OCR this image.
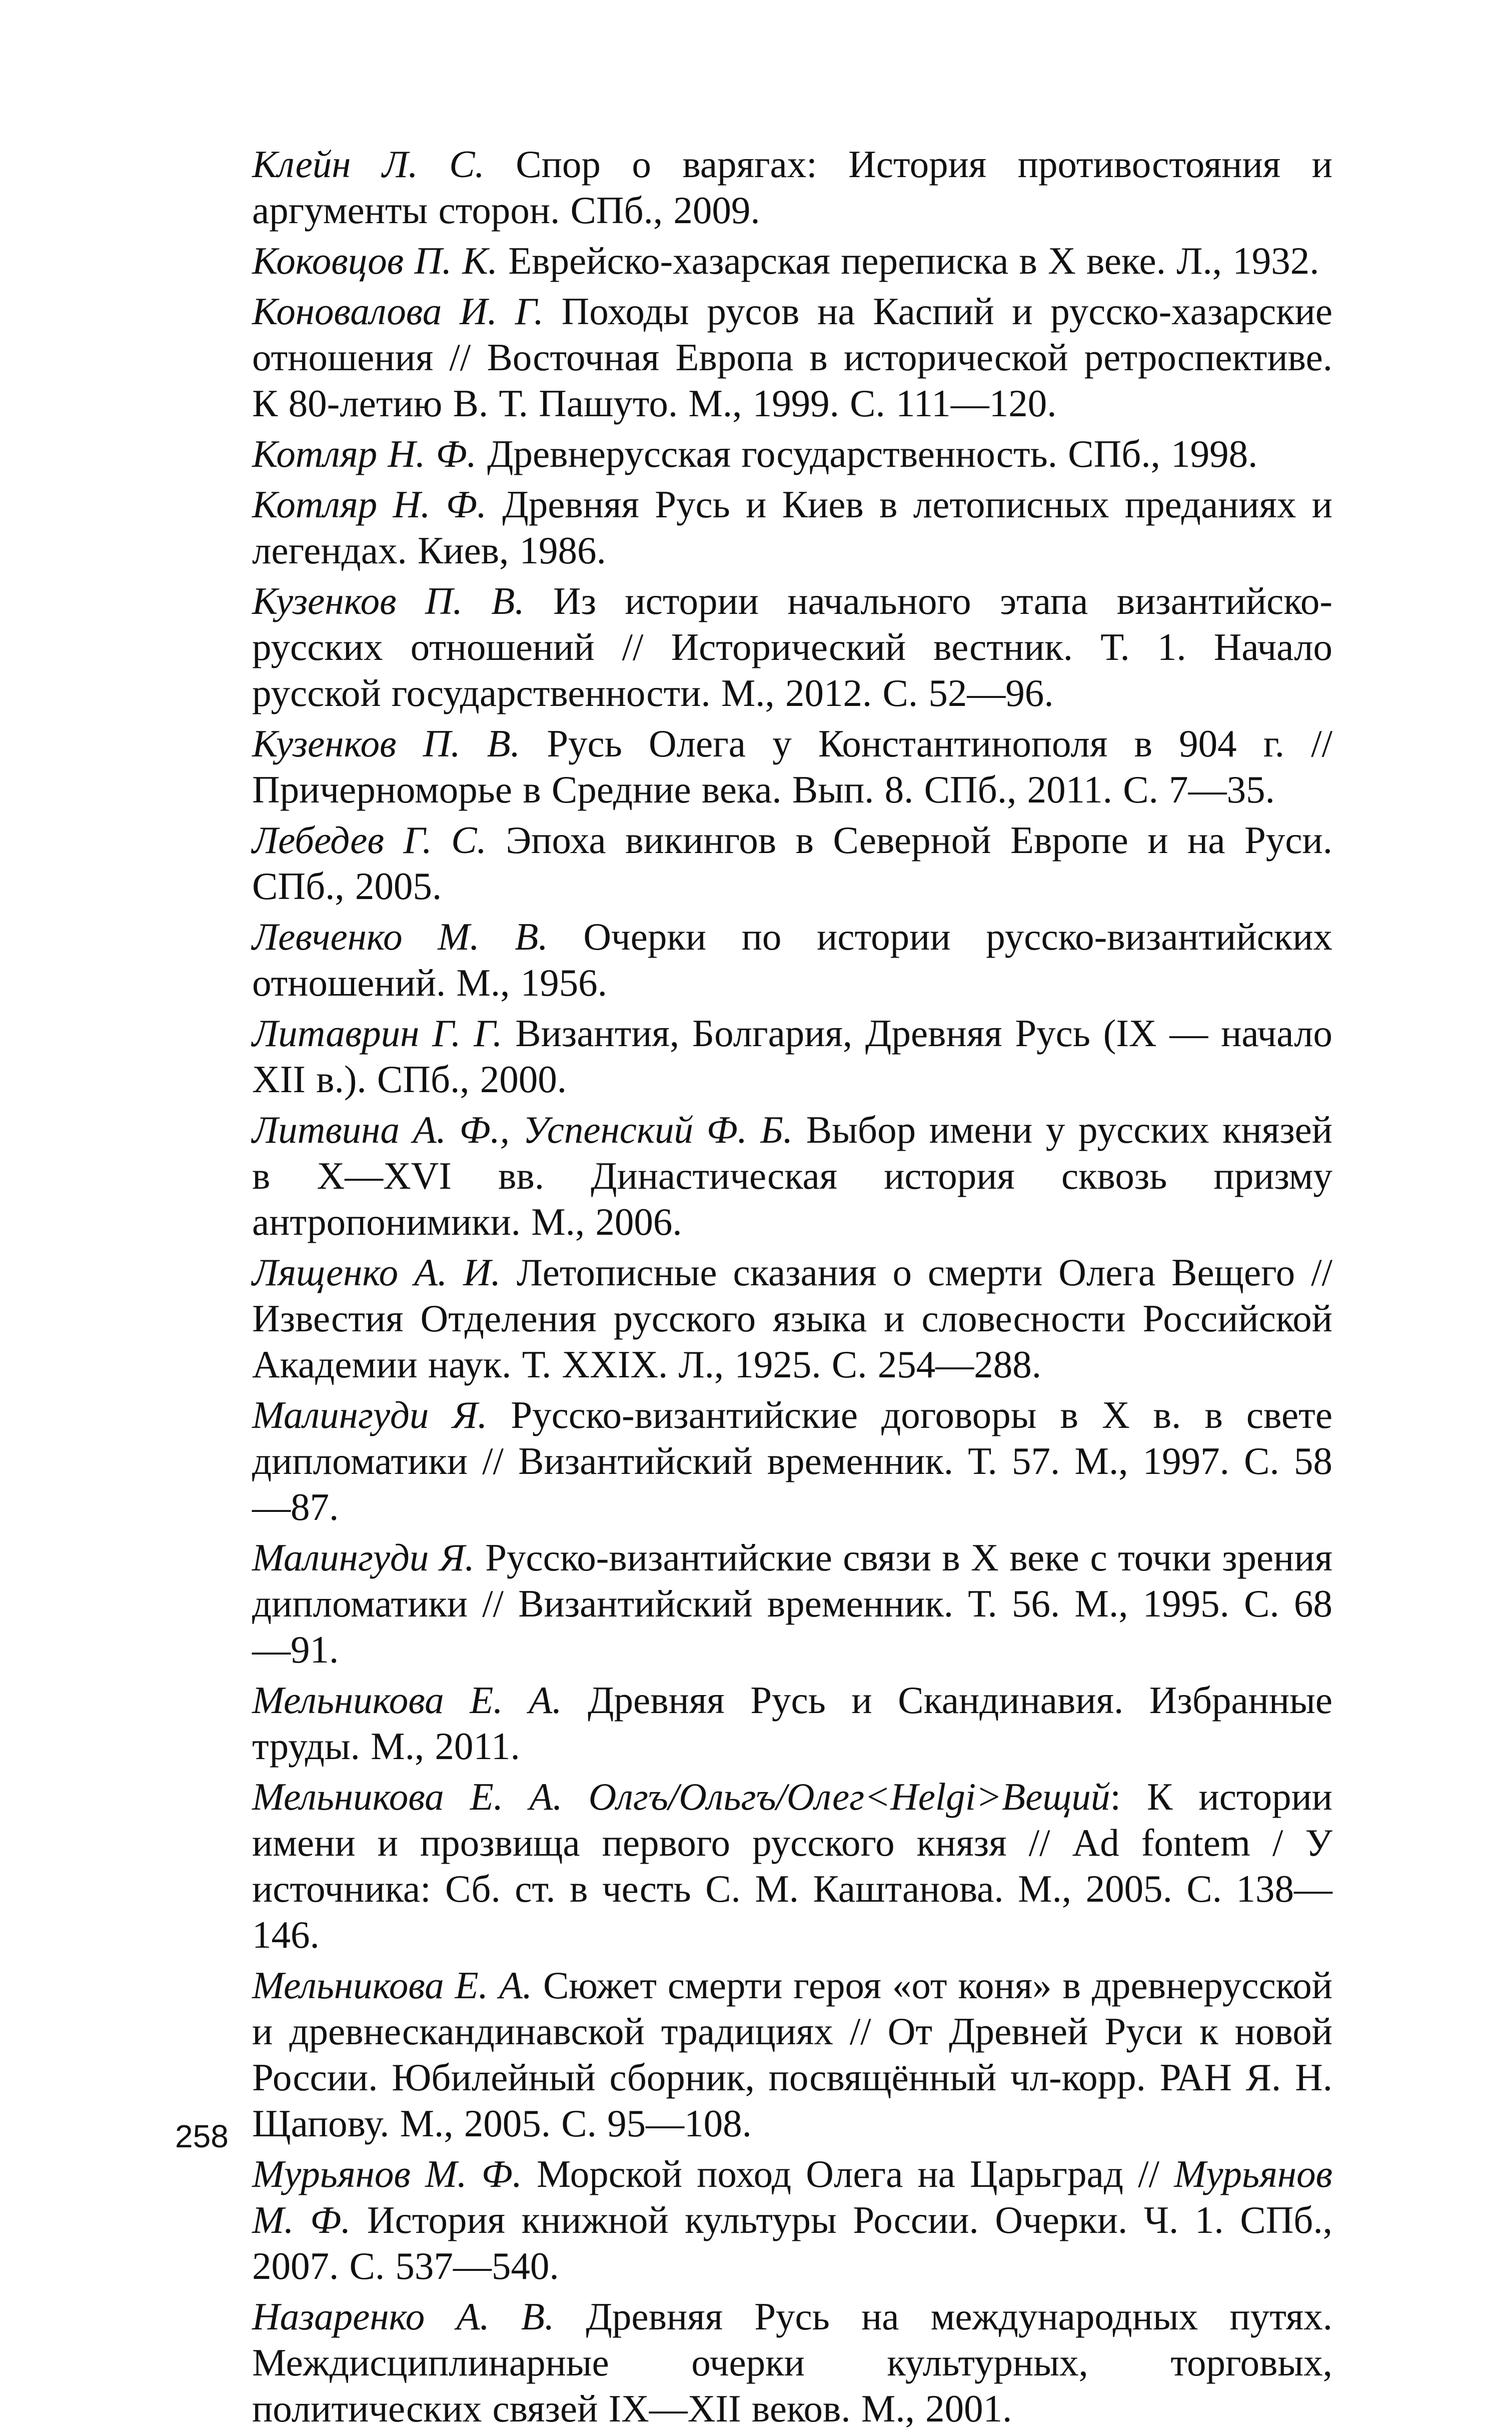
Клейн Л. С. Спор о варягах: История противостояния и аргументы сторон. СПб., 2009.

Коковцов П. К. Еврейско-хазарская переписка в X веке. Л., 1932.

Коновалова И. Г. Походы русов на Каспий и русско-хазарские отношения // Восточная Европа в исторической ретроспективе. К 80-летию В. Т. Пашуто. М., 1999. С. 111—120.

Котляр Н. Ф. Древнерусская государственность. СПб., 1998.

Котляр Н. Ф. Древняя Русь и Киев в летописных преданиях и легендах. Киев, 1986.

Кузенков П. В. Из истории начального этапа византийско-русских отношений // Исторический вестник. Т. 1. Начало русской государственности. М., 2012. С. 52—96.

Кузенков П. В. Русь Олега у Константинополя в 904 г. // Причерноморье в Средние века. Вып. 8. СПб., 2011. С. 7—35.

Лебедев Г. С. Эпоха викингов в Северной Европе и на Руси. СПб., 2005.

Левченко М. В. Очерки по истории русско-византийских отношений. М., 1956.

Литаврин Г. Г. Византия, Болгария, Древняя Русь (IX — начало XII в.). СПб., 2000.

Литвина А. Ф., Успенский Ф. Б. Выбор имени у русских князей в X—XVI вв. Династическая история сквозь призму антропонимики. М., 2006.

Лященко А. И. Летописные сказания о смерти Олега Вещего // Известия Отделения русского языка и словесности Российской Академии наук. Т. XXIX. Л., 1925. С. 254—288.

Малингуди Я. Русско-византийские договоры в X в. в свете дипломатики // Византийский временник. Т. 57. М., 1997. С. 58—87.

Малингуди Я. Русско-византийские связи в X веке с точки зрения дипломатики // Византийский временник. Т. 56. М., 1995. С. 68—91.

Мельникова Е. А. Древняя Русь и Скандинавия. Избранные труды. М., 2011.

Мельникова Е. А. Олгъ/Ольгъ/Олег<Helgi>Вещий: К истории имени и прозвища первого русского князя // Ad fontem / У источника: Сб. ст. в честь С. М. Каштанова. М., 2005. С. 138—146.

Мельникова Е. А. Сюжет смерти героя «от коня» в древнерусской и древнескандинавской традициях // От Древней Руси к новой России. Юбилейный сборник, посвящённый чл-корр. РАН Я. Н. Щапову. М., 2005. С. 95—108.

Мурьянов М. Ф. Морской поход Олега на Царьград // Мурьянов М. Ф. История книжной культуры России. Очерки. Ч. 1. СПб., 2007. С. 537—540.

Назаренко А. В. Древняя Русь на международных путях. Междисциплинарные очерки культурных, торговых, политических связей IX—XII веков. М., 2001.

258
